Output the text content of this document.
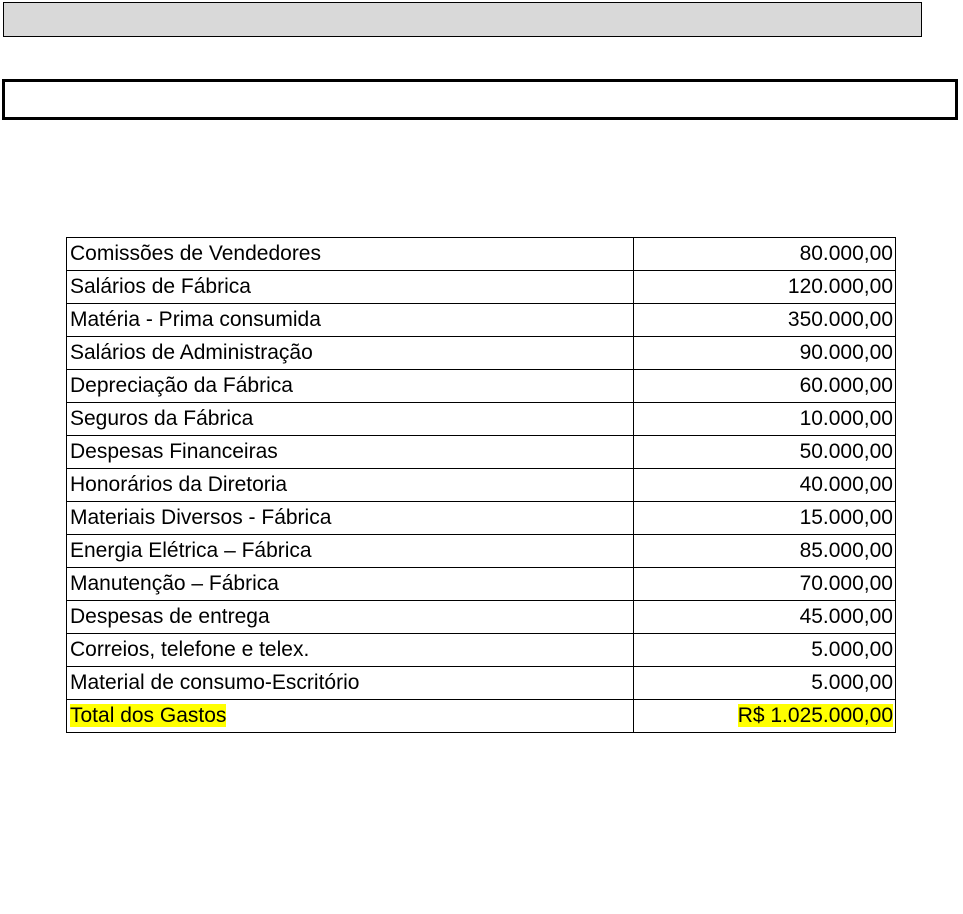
Comissões de Vendedores	80.000,00
Salários de Fábrica	120.000,00
Matéria - Prima consumida	350.000,00
Salários de Administração	90.000,00
Depreciação da Fábrica	60.000,00
Seguros da Fábrica	10.000,00
Despesas Financeiras	50.000,00
Honorários da Diretoria	40.000,00
Materiais Diversos - Fábrica	15.000,00
Energia Elétrica – Fábrica	85.000,00
Manutenção – Fábrica	70.000,00
Despesas de entrega	45.000,00
Correios, telefone e telex.	5.000,00
Material de consumo-Escritório	5.000,00
Total dos Gastos	R$ 1.025.000,00
